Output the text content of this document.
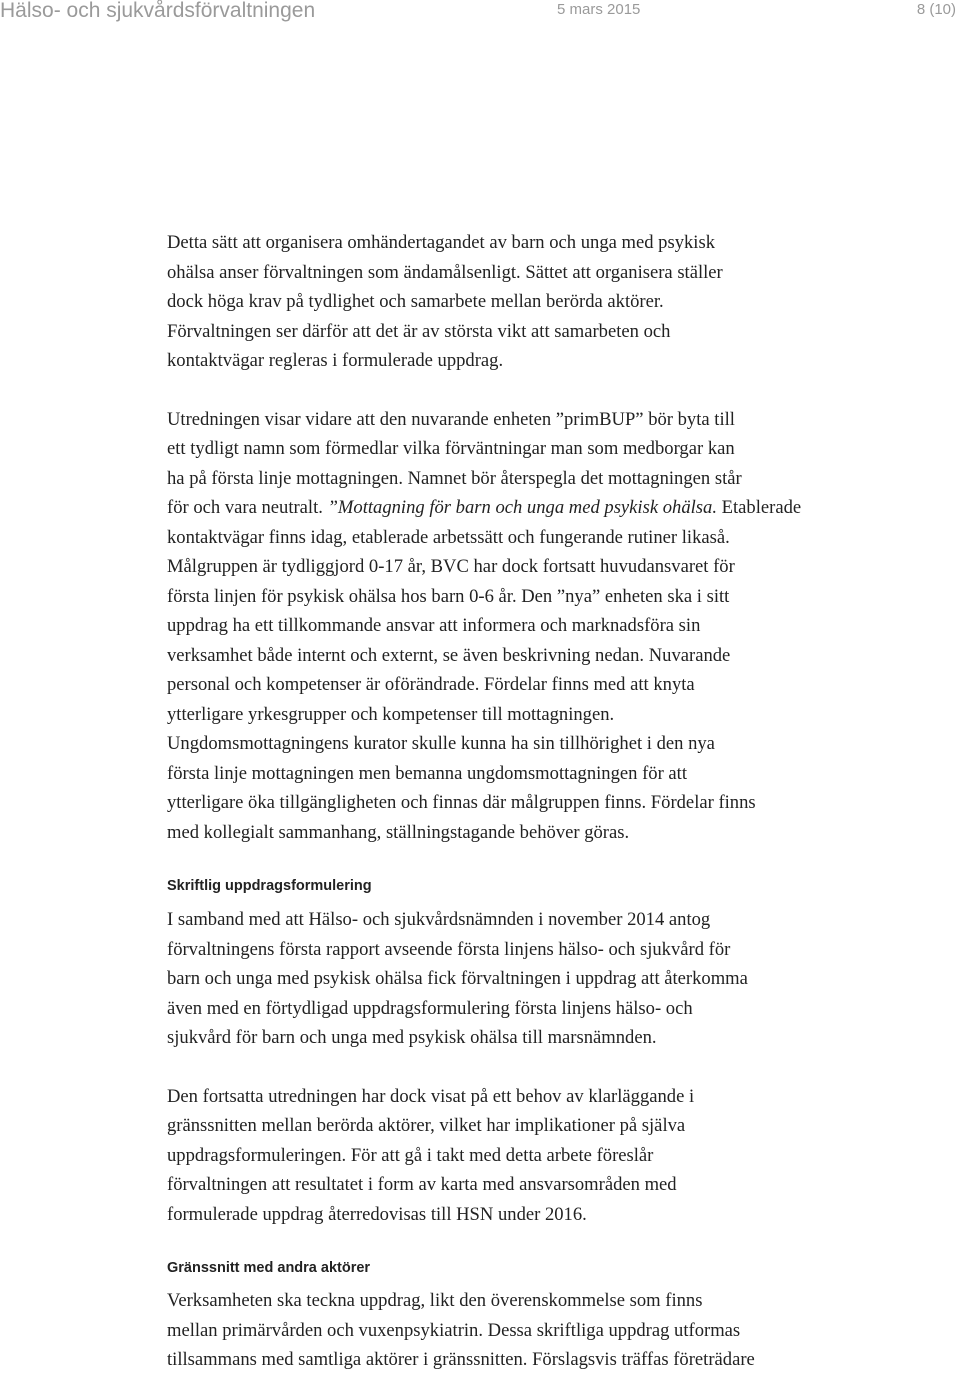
Hälso- och sjukvårdsförvaltningen	5 mars 2015	8 (10)

Detta sätt att organisera omhändertagandet av barn och unga med psykisk
ohälsa anser förvaltningen som ändamålsenligt. Sättet att organisera ställer
dock höga krav på tydlighet och samarbete mellan berörda aktörer.
Förvaltningen ser därför att det är av största vikt att samarbeten och
kontaktvägar regleras i formulerade uppdrag.

Utredningen visar vidare att den nuvarande enheten ”primBUP” bör byta till
ett tydligt namn som förmedlar vilka förväntningar man som medborgar kan
ha på första linje mottagningen. Namnet bör återspegla det mottagningen står
för och vara neutralt. ”Mottagning för barn och unga med psykisk ohälsa. Etablerade
kontaktvägar finns idag, etablerade arbetssätt och fungerande rutiner likaså.
Målgruppen är tydliggjord 0-17 år, BVC har dock fortsatt huvudansvaret för
första linjen för psykisk ohälsa hos barn 0-6 år. Den ”nya” enheten ska i sitt
uppdrag ha ett tillkommande ansvar att informera och marknadsföra sin
verksamhet både internt och externt, se även beskrivning nedan. Nuvarande
personal och kompetenser är oförändrade. Fördelar finns med att knyta
ytterligare yrkesgrupper och kompetenser till mottagningen.
Ungdomsmottagningens kurator skulle kunna ha sin tillhörighet i den nya
första linje mottagningen men bemanna ungdomsmottagningen för att
ytterligare öka tillgängligheten och finnas där målgruppen finns. Fördelar finns
med kollegialt sammanhang, ställningstagande behöver göras.

Skriftlig uppdragsformulering

I samband med att Hälso- och sjukvårdsnämnden i november 2014 antog
förvaltningens första rapport avseende första linjens hälso- och sjukvård för
barn och unga med psykisk ohälsa fick förvaltningen i uppdrag att återkomma
även med en förtydligad uppdragsformulering första linjens hälso- och
sjukvård för barn och unga med psykisk ohälsa till marsnämnden.

Den fortsatta utredningen har dock visat på ett behov av klarläggande i
gränssnitten mellan berörda aktörer, vilket har implikationer på själva
uppdragsformuleringen. För att gå i takt med detta arbete föreslår
förvaltningen att resultatet i form av karta med ansvarsområden med
formulerade uppdrag återredovisas till HSN under 2016.

Gränssnitt med andra aktörer

Verksamheten ska teckna uppdrag, likt den överenskommelse som finns
mellan primärvården och vuxenpsykiatrin. Dessa skriftliga uppdrag utformas
tillsammans med samtliga aktörer i gränssnitten. Förslagsvis träffas företrädare
